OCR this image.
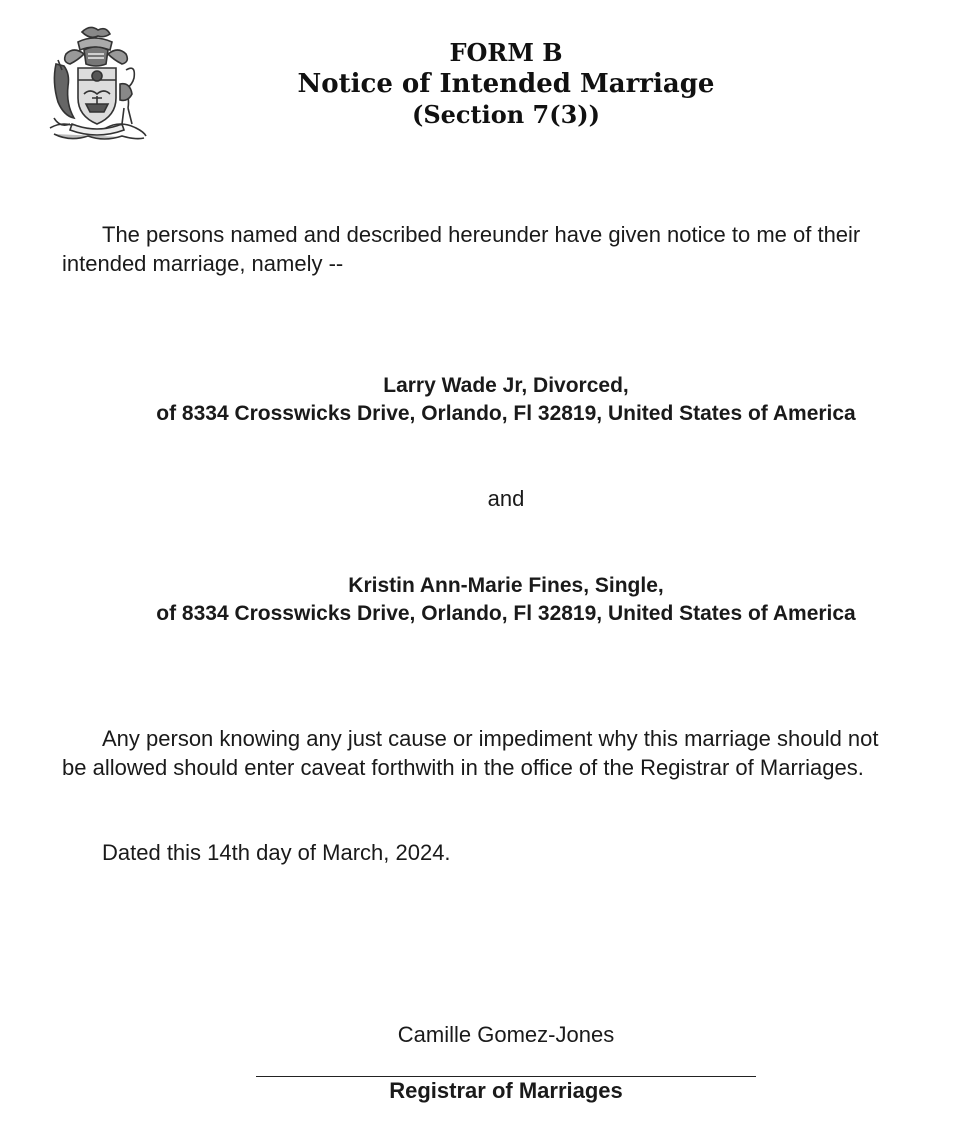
FORM B
Notice of Intended Marriage
(Section 7(3))
The persons named and described hereunder have given notice to me of their
intended marriage, namely --
Larry Wade Jr, Divorced,
of 8334 Crosswicks Drive, Orlando, Fl 32819, United States of America
and
Kristin Ann-Marie Fines, Single,
of 8334 Crosswicks Drive, Orlando, Fl 32819, United States of America
Any person knowing any just cause or impediment why this marriage should not
be allowed should enter caveat forthwith in the office of the Registrar of Marriages.
Dated this 14th day of March, 2024.
Camille Gomez-Jones
Registrar of Marriages
